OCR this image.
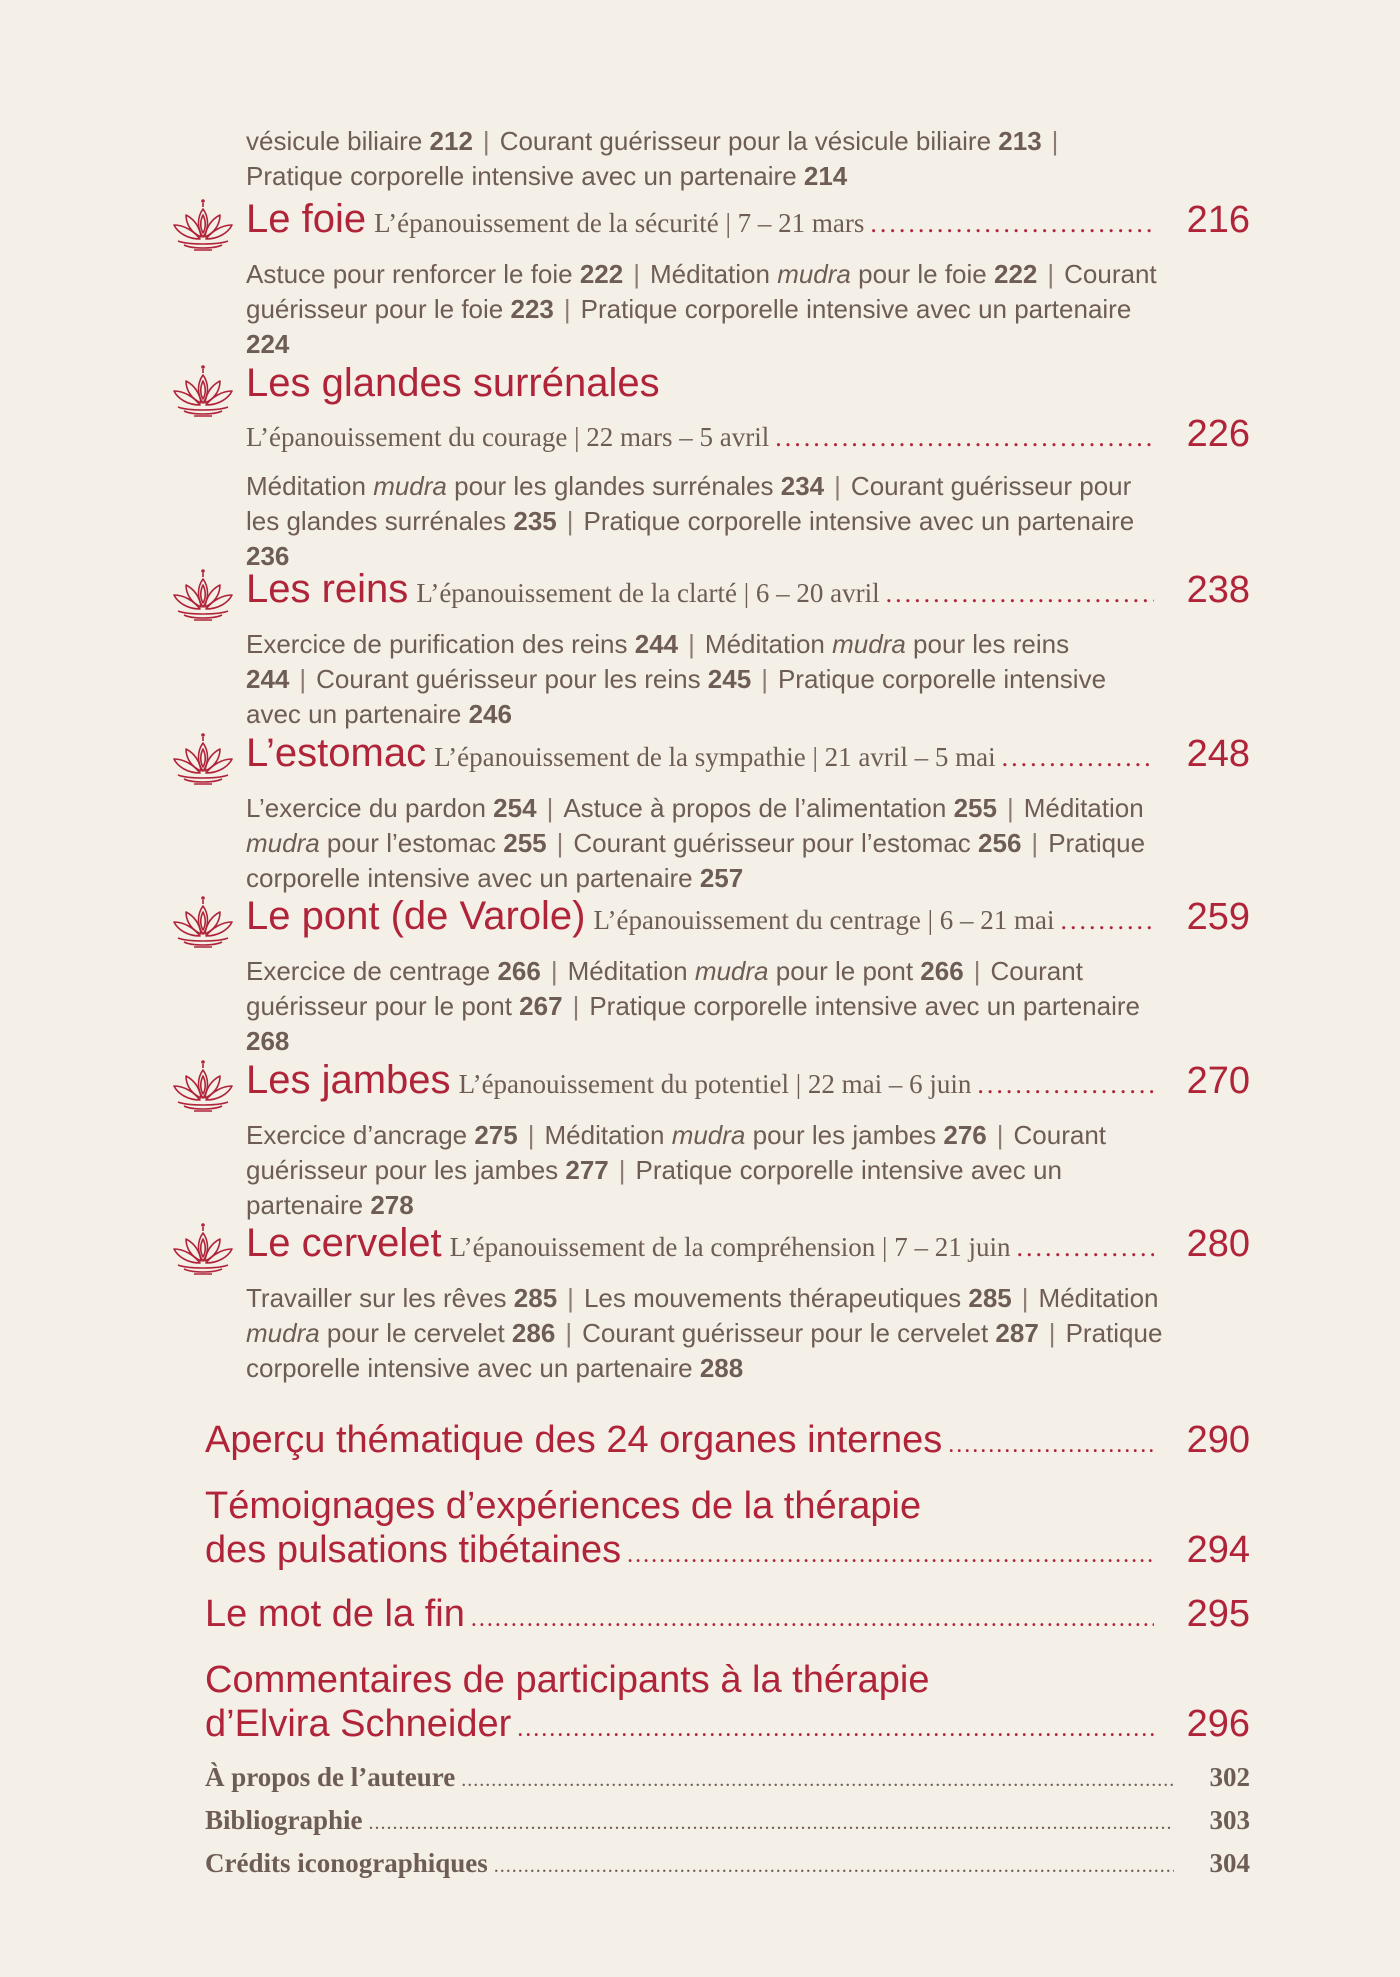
vésicule biliaire 212 | Courant guérisseur pour la vésicule biliaire 213 |
Pratique corporelle intensive avec un partenaire 214

Le foie L’épanouissement de la sécurité | 7 – 21 mars .....	216

Astuce pour renforcer le foie 222 | Méditation mudra pour le foie 222 | Courant guérisseur pour le foie 223 | Pratique corporelle intensive avec un partenaire 224

Les glandes surrénales
L’épanouissement du courage | 22 mars – 5 avril .....	226

Méditation mudra pour les glandes surrénales 234 | Courant guérisseur pour les glandes surrénales 235 | Pratique corporelle intensive avec un partenaire 236

Les reins L’épanouissement de la clarté | 6 – 20 avril .....	238

Exercice de purification des reins 244 | Méditation mudra pour les reins 244 | Courant guérisseur pour les reins 245 | Pratique corporelle intensive avec un partenaire 246

L’estomac L’épanouissement de la sympathie | 21 avril – 5 mai .....	248

L’exercice du pardon 254 | Astuce à propos de l’alimentation 255 | Méditation mudra pour l’estomac 255 | Courant guérisseur pour l’estomac 256 | Pratique corporelle intensive avec un partenaire 257

Le pont (de Varole) L’épanouissement du centrage | 6 – 21 mai .....	259

Exercice de centrage 266 | Méditation mudra pour le pont 266 | Courant guérisseur pour le pont 267 | Pratique corporelle intensive avec un partenaire 268

Les jambes L’épanouissement du potentiel | 22 mai – 6 juin .....	270

Exercice d’ancrage 275 | Méditation mudra pour les jambes 276 | Courant guérisseur pour les jambes 277 | Pratique corporelle intensive avec un partenaire 278

Le cervelet L’épanouissement de la compréhension | 7 – 21 juin .....	280

Travailler sur les rêves 285 | Les mouvements thérapeutiques 285 | Méditation mudra pour le cervelet 286 | Courant guérisseur pour le cervelet 287 | Pratique corporelle intensive avec un partenaire 288

Aperçu thématique des 24 organes internes .....	290
Témoignages d’expériences de la thérapie
des pulsations tibétaines .....	294
Le mot de la fin .....	295
Commentaires de participants à la thérapie
d’Elvira Schneider .....	296
À propos de l’auteure .....	302
Bibliographie .....	303
Crédits iconographiques .....	304
